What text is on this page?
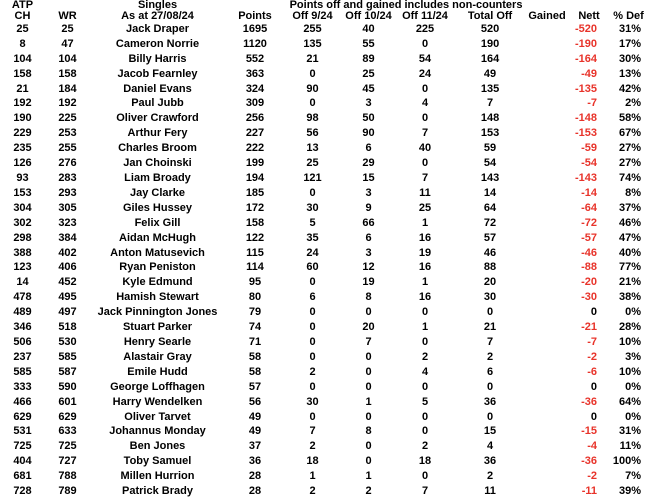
ATP		Singles		Points off and gained includes non-counters						
CH	WR	As at 27/08/24	Points	Off 9/24	Off 10/24	Off 11/24	Total Off	Gained	Nett	% Def
25	25	Jack Draper	1695	255	40	225	520		-520	31%
8	47	Cameron Norrie	1120	135	55	0	190		-190	17%
104	104	Billy Harris	552	21	89	54	164		-164	30%
158	158	Jacob Fearnley	363	0	25	24	49		-49	13%
21	184	Daniel Evans	324	90	45	0	135		-135	42%
192	192	Paul Jubb	309	0	3	4	7		-7	2%
190	225	Oliver Crawford	256	98	50	0	148		-148	58%
229	253	Arthur Fery	227	56	90	7	153		-153	67%
235	255	Charles Broom	222	13	6	40	59		-59	27%
126	276	Jan Choinski	199	25	29	0	54		-54	27%
93	283	Liam Broady	194	121	15	7	143		-143	74%
153	293	Jay Clarke	185	0	3	11	14		-14	8%
304	305	Giles Hussey	172	30	9	25	64		-64	37%
302	323	Felix Gill	158	5	66	1	72		-72	46%
298	384	Aidan McHugh	122	35	6	16	57		-57	47%
388	402	Anton Matusevich	115	24	3	19	46		-46	40%
123	406	Ryan Peniston	114	60	12	16	88		-88	77%
14	452	Kyle Edmund	95	0	19	1	20		-20	21%
478	495	Hamish Stewart	80	6	8	16	30		-30	38%
489	497	Jack Pinnington Jones	79	0	0	0	0		0	0%
346	518	Stuart Parker	74	0	20	1	21		-21	28%
506	530	Henry Searle	71	0	7	0	7		-7	10%
237	585	Alastair Gray	58	0	0	2	2		-2	3%
585	587	Emile Hudd	58	2	0	4	6		-6	10%
333	590	George Loffhagen	57	0	0	0	0		0	0%
466	601	Harry Wendelken	56	30	1	5	36		-36	64%
629	629	Oliver Tarvet	49	0	0	0	0		0	0%
531	633	Johannus Monday	49	7	8	0	15		-15	31%
725	725	Ben Jones	37	2	0	2	4		-4	11%
404	727	Toby Samuel	36	18	0	18	36		-36	100%
681	788	Millen Hurrion	28	1	1	0	2		-2	7%
728	789	Patrick Brady	28	2	2	7	11		-11	39%
